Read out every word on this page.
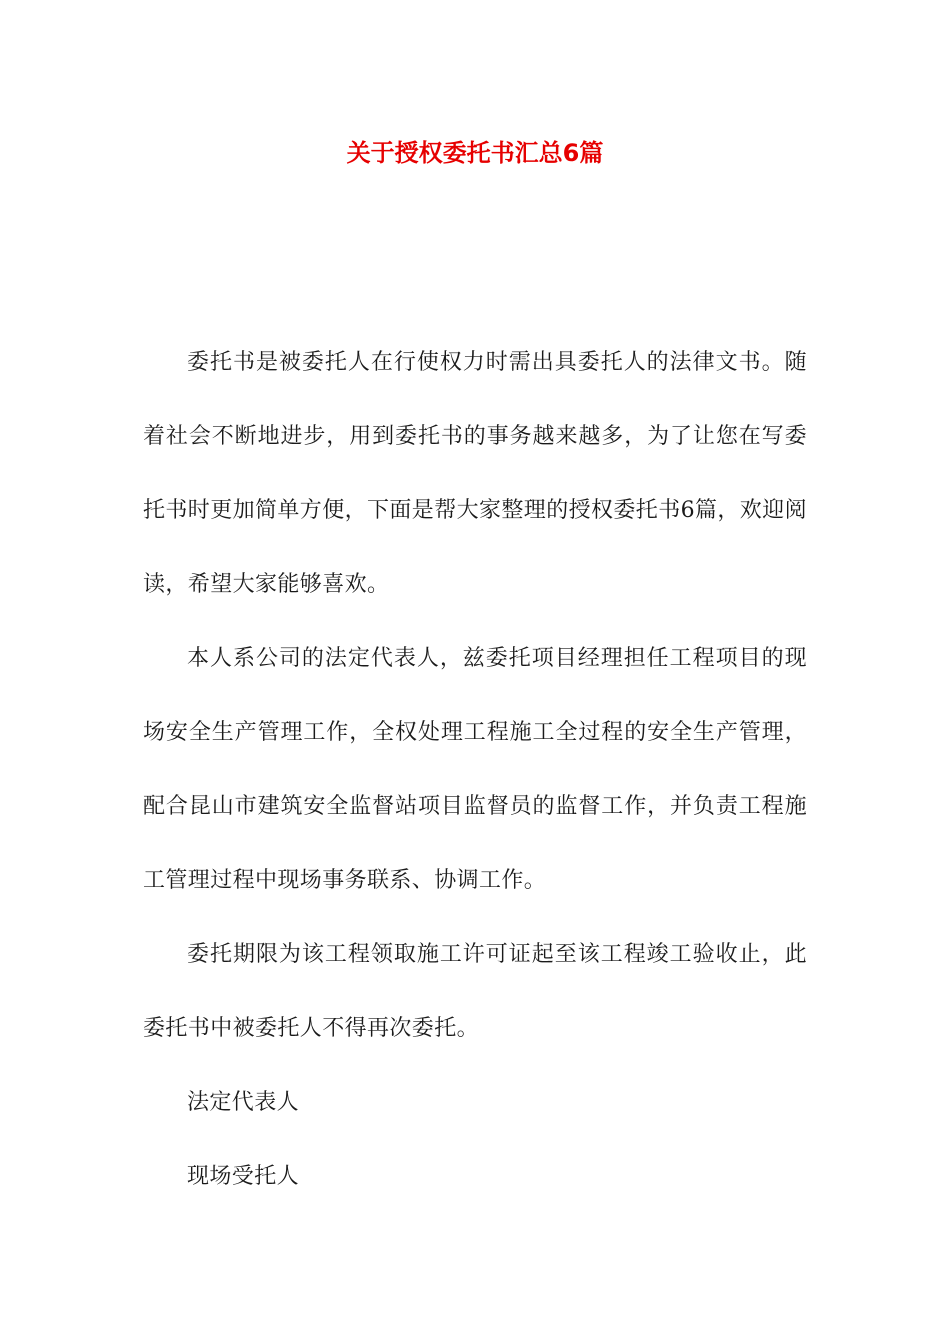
关于授权委托书汇总6篇

委托书是被委托人在行使权力时需出具委托人的法律文书。随着社会不断地进步，用到委托书的事务越来越多，为了让您在写委托书时更加简单方便，下面是帮大家整理的授权委托书6篇，欢迎阅读，希望大家能够喜欢。

本人系公司的法定代表人，兹委托项目经理担任工程项目的现场安全生产管理工作，全权处理工程施工全过程的安全生产管理，配合昆山市建筑安全监督站项目监督员的监督工作，并负责工程施工管理过程中现场事务联系、协调工作。

委托期限为该工程领取施工许可证起至该工程竣工验收止，此委托书中被委托人不得再次委托。

法定代表人

现场受托人
